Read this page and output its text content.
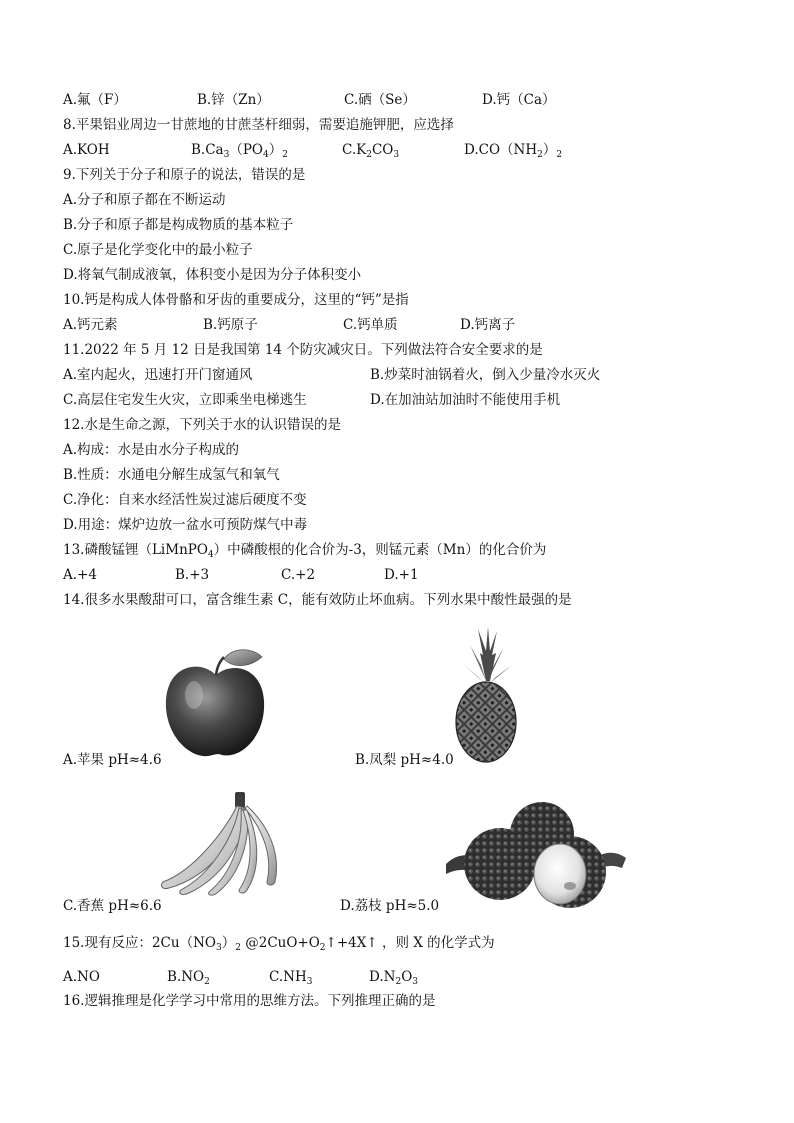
A.氟（F）	B.锌（Zn）	C.硒（Se）	D.钙（Ca）
8.平果铝业周边一甘蔗地的甘蔗茎杆细弱，需要追施钾肥，应选择
A.KOH	$B.Ca_3(PO_4)_2$	$C.K_2CO_3$	$D.CO(NH_2)_2$
9.下列关于分子和原子的说法，错误的是
A.分子和原子都在不断运动
B.分子和原子都是构成物质的基本粒子
C.原子是化学变化中的最小粒子
D.将氧气制成液氧，体积变小是因为分子体积变小
10.钙是构成人体骨骼和牙齿的重要成分，这里的“钙”是指
A.钙元素	B.钙原子	C.钙单质	D.钙离子
11.2022 年 5 月 12 日是我国第 14 个防灾减灾日。下列做法符合安全要求的是
A.室内起火，迅速打开门窗通风	B.炒菜时油锅着火，倒入少量冷水灭火
C.高层住宅发生火灾，立即乘坐电梯逃生	D.在加油站加油时不能使用手机
12.水是生命之源，下列关于水的认识错误的是
A.构成：水是由水分子构成的
B.性质：水通电分解生成氢气和氧气
C.净化：自来水经活性炭过滤后硬度不变
D.用途：煤炉边放一盆水可预防煤气中毒
13.磷酸锰锂（LiMnPO$_4$）中磷酸根的化合价为-3，则锰元素（Mn）的化合价为
A.+4	B.+3	C.+2	D.+1
14.很多水果酸甜可口，富含维生素 C，能有效防止坏血病。下列水果中酸性最强的是
A.苹果 pH≈4.6	B.凤梨 pH≈4.0
C.香蕉 pH≈6.6	D.荔枝 pH≈5.0
15.现有反应：$2Cu(NO_3)_2$ $@2CuO+O_2↑+4X↑$ ，则 X 的化学式为
A.NO	$B.NO_2$	$C.NH_3$	$D.N_2O_3$
16.逻辑推理是化学学习中常用的思维方法。下列推理正确的是
